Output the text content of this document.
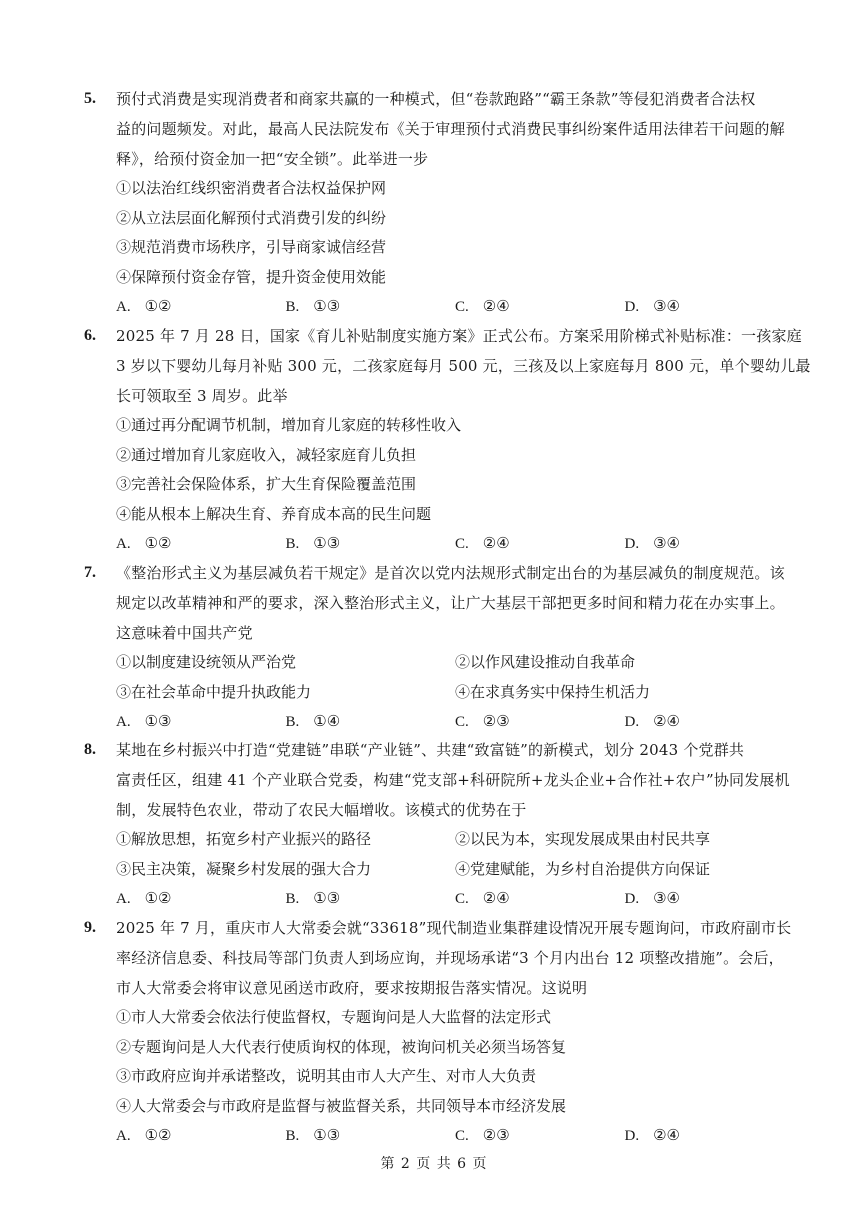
5. 预付式消费是实现消费者和商家共赢的一种模式，但“卷款跑路”“霸王条款”等侵犯消费者合法权
益的问题频发。对此，最高人民法院发布《关于审理预付式消费民事纠纷案件适用法律若干问题的解
释》，给预付资金加一把“安全锁”。此举进一步
①以法治红线织密消费者合法权益保护网
②从立法层面化解预付式消费引发的纠纷
③规范消费市场秩序，引导商家诚信经营
④保障预付资金存管，提升资金使用效能
A. ①②	B. ①③	C. ②④	D. ③④
6. 2025 年 7 月 28 日，国家《育儿补贴制度实施方案》正式公布。方案采用阶梯式补贴标准：一孩家庭
3 岁以下婴幼儿每月补贴 300 元，二孩家庭每月 500 元，三孩及以上家庭每月 800 元，单个婴幼儿最
长可领取至 3 周岁。此举
①通过再分配调节机制，增加育儿家庭的转移性收入
②通过增加育儿家庭收入，减轻家庭育儿负担
③完善社会保险体系，扩大生育保险覆盖范围
④能从根本上解决生育、养育成本高的民生问题
A. ①②	B. ①③	C. ②④	D. ③④
7. 《整治形式主义为基层减负若干规定》是首次以党内法规形式制定出台的为基层减负的制度规范。该
规定以改革精神和严的要求，深入整治形式主义，让广大基层干部把更多时间和精力花在办实事上。
这意味着中国共产党
①以制度建设统领从严治党	②以作风建设推动自我革命
③在社会革命中提升执政能力	④在求真务实中保持生机活力
A. ①③	B. ①④	C. ②③	D. ②④
8. 某地在乡村振兴中打造“党建链”串联“产业链”、共建“致富链”的新模式，划分 2043 个党群共
富责任区，组建 41 个产业联合党委，构建“党支部+科研院所+龙头企业+合作社+农户”协同发展机
制，发展特色农业，带动了农民大幅增收。该模式的优势在于
①解放思想，拓宽乡村产业振兴的路径	②以民为本，实现发展成果由村民共享
③民主决策，凝聚乡村发展的强大合力	④党建赋能，为乡村自治提供方向保证
A. ①②	B. ①③	C. ②④	D. ③④
9. 2025 年 7 月，重庆市人大常委会就“33618”现代制造业集群建设情况开展专题询问，市政府副市长
率经济信息委、科技局等部门负责人到场应询，并现场承诺“3 个月内出台 12 项整改措施”。会后，
市人大常委会将审议意见函送市政府，要求按期报告落实情况。这说明
①市人大常委会依法行使监督权，专题询问是人大监督的法定形式
②专题询问是人大代表行使质询权的体现，被询问机关必须当场答复
③市政府应询并承诺整改，说明其由市人大产生、对市人大负责
④人大常委会与市政府是监督与被监督关系，共同领导本市经济发展
A. ①②	B. ①③	C. ②③	D. ②④
第 2 页 共 6 页
